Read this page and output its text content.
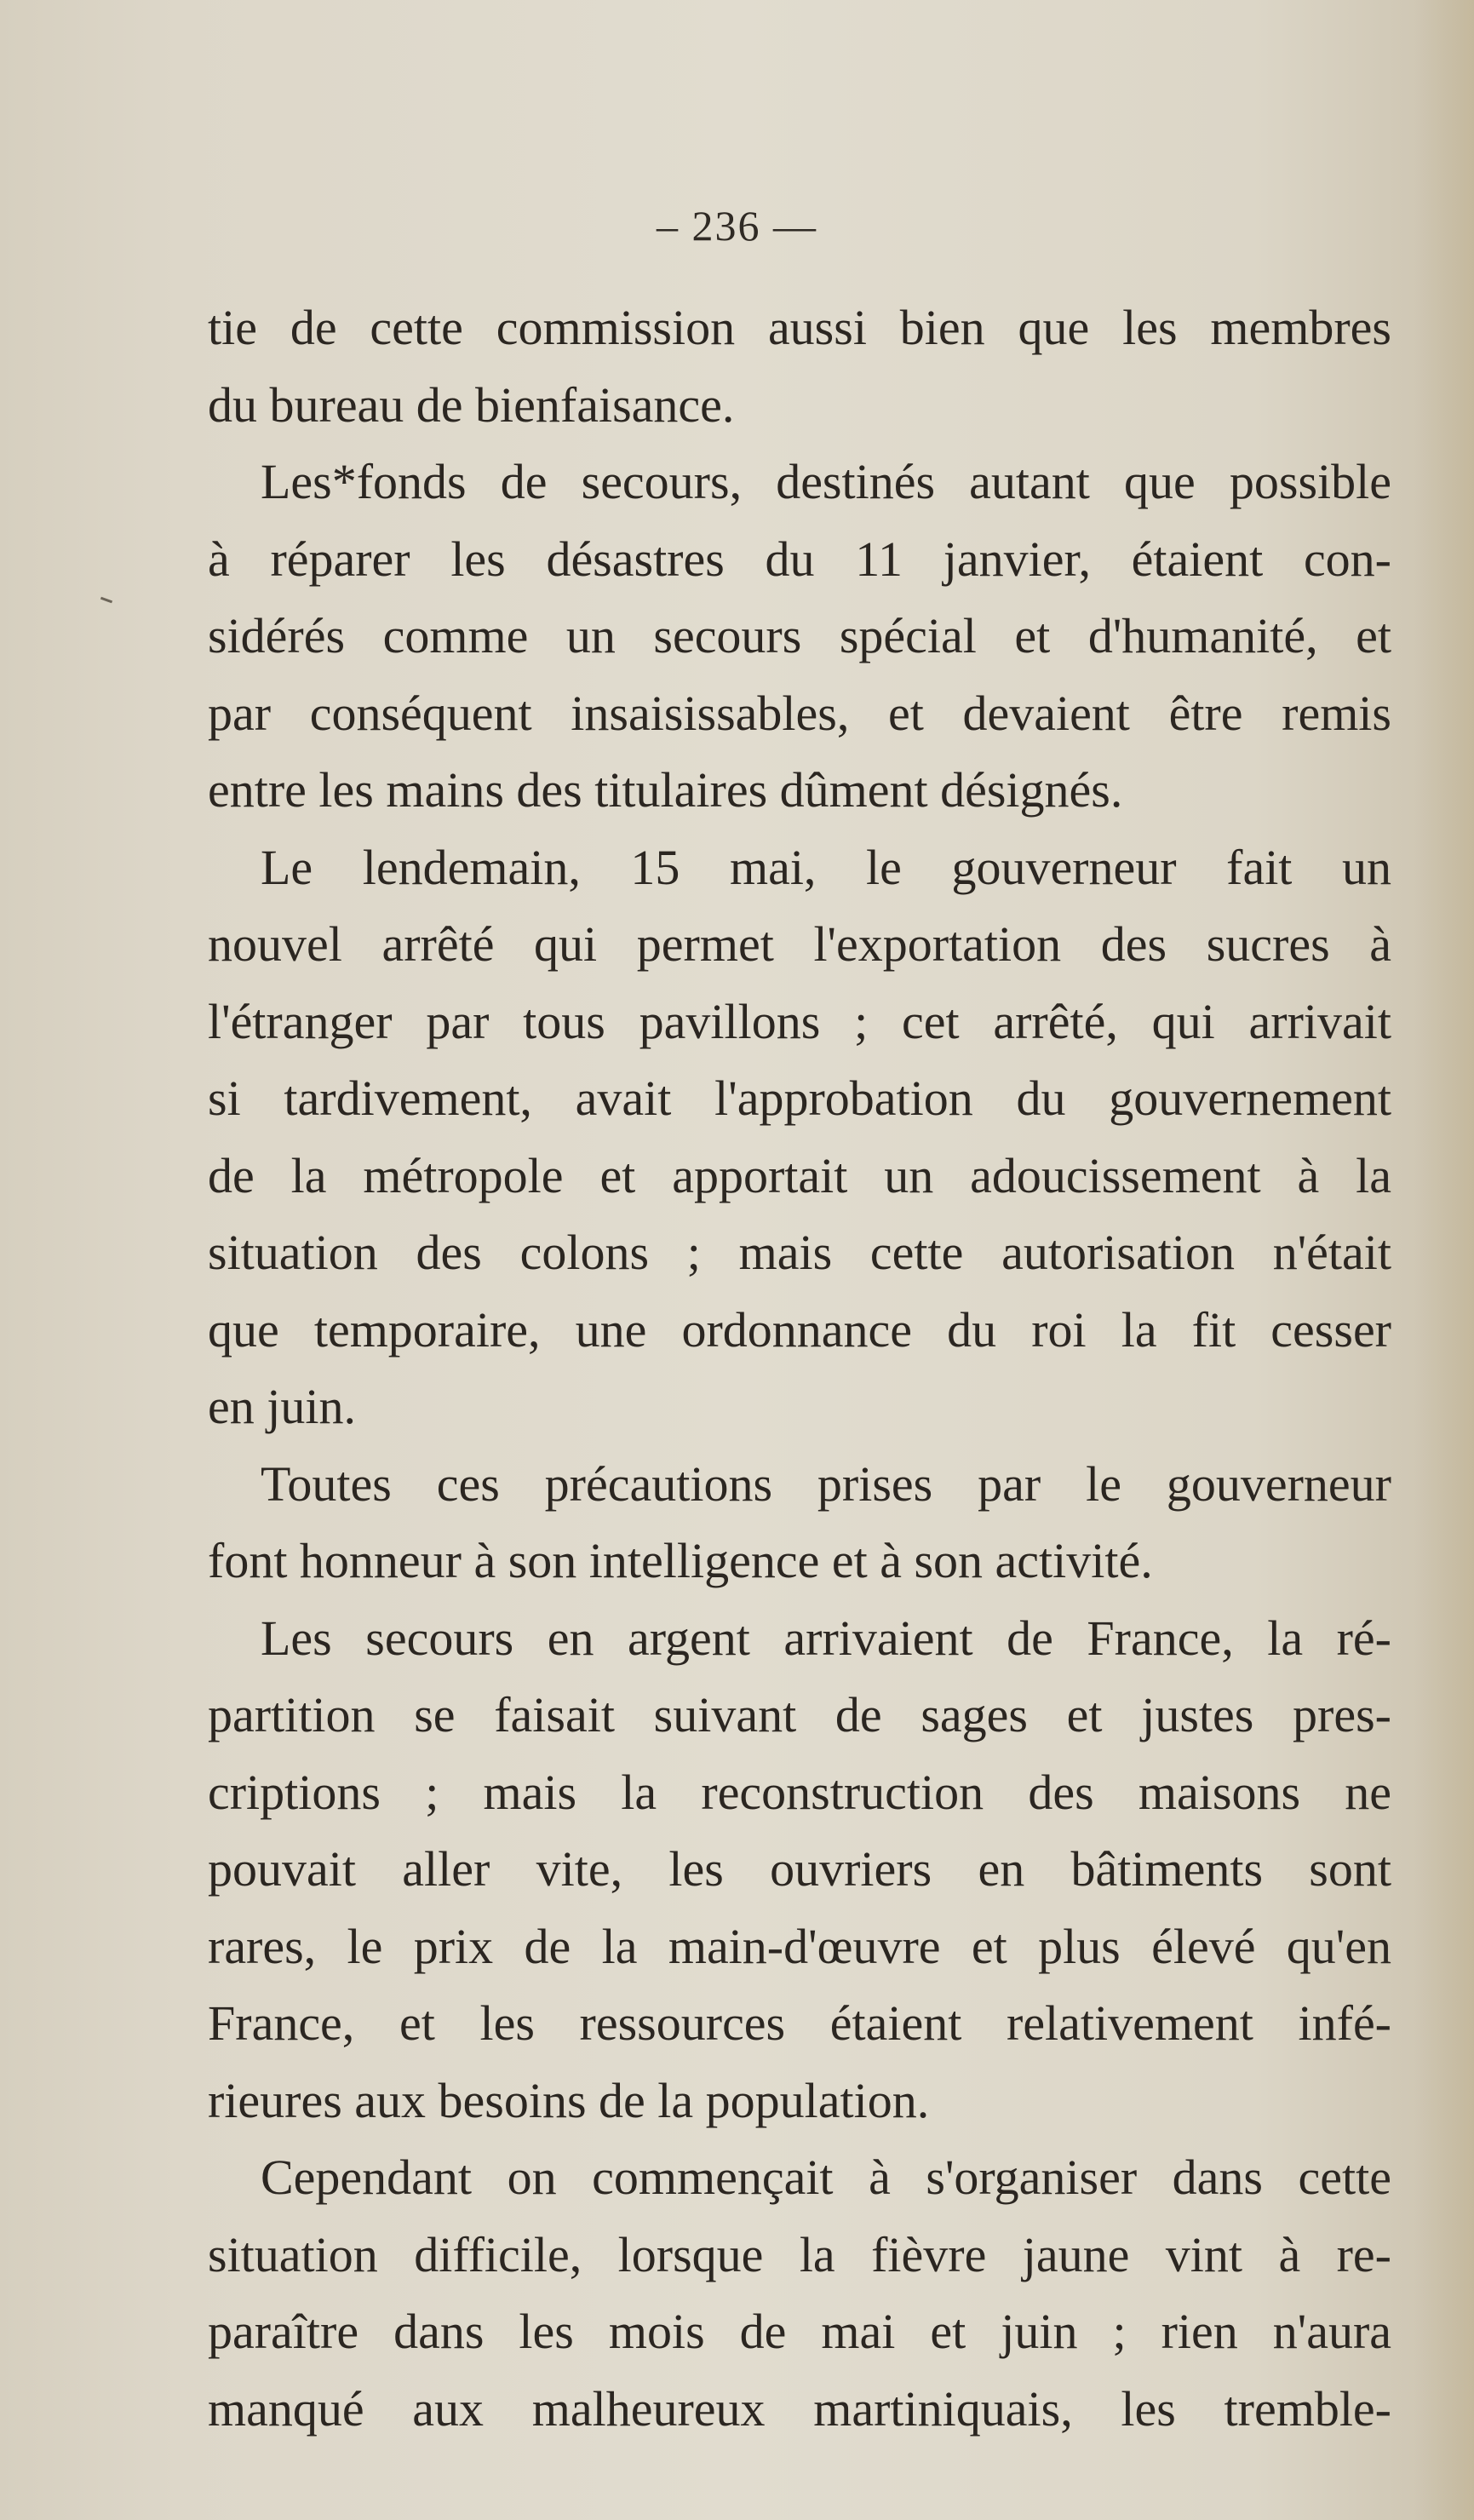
– 236 —
tie de cette commission aussi bien que les membres
du bureau de bienfaisance.
Les*fonds de secours, destinés autant que possible
à réparer les désastres du 11 janvier, étaient con-
sidérés comme un secours spécial et d'humanité, et
par conséquent insaisissables, et devaient être remis
entre les mains des titulaires dûment désignés.
Le lendemain, 15 mai, le gouverneur fait un
nouvel arrêté qui permet l'exportation des sucres à
l'étranger par tous pavillons ; cet arrêté, qui arrivait
si tardivement, avait l'approbation du gouvernement
de la métropole et apportait un adoucissement à la
situation des colons ; mais cette autorisation n'était
que temporaire, une ordonnance du roi la fit cesser
en juin.
Toutes ces précautions prises par le gouverneur
font honneur à son intelligence et à son activité.
Les secours en argent arrivaient de France, la ré-
partition se faisait suivant de sages et justes pres-
criptions ; mais la reconstruction des maisons ne
pouvait aller vite, les ouvriers en bâtiments sont
rares, le prix de la main-d'œuvre et plus élevé qu'en
France, et les ressources étaient relativement infé-
rieures aux besoins de la population.
Cependant on commençait à s'organiser dans cette
situation difficile, lorsque la fièvre jaune vint à re-
paraître dans les mois de mai et juin ; rien n'aura
manqué aux malheureux martiniquais, les tremble-
